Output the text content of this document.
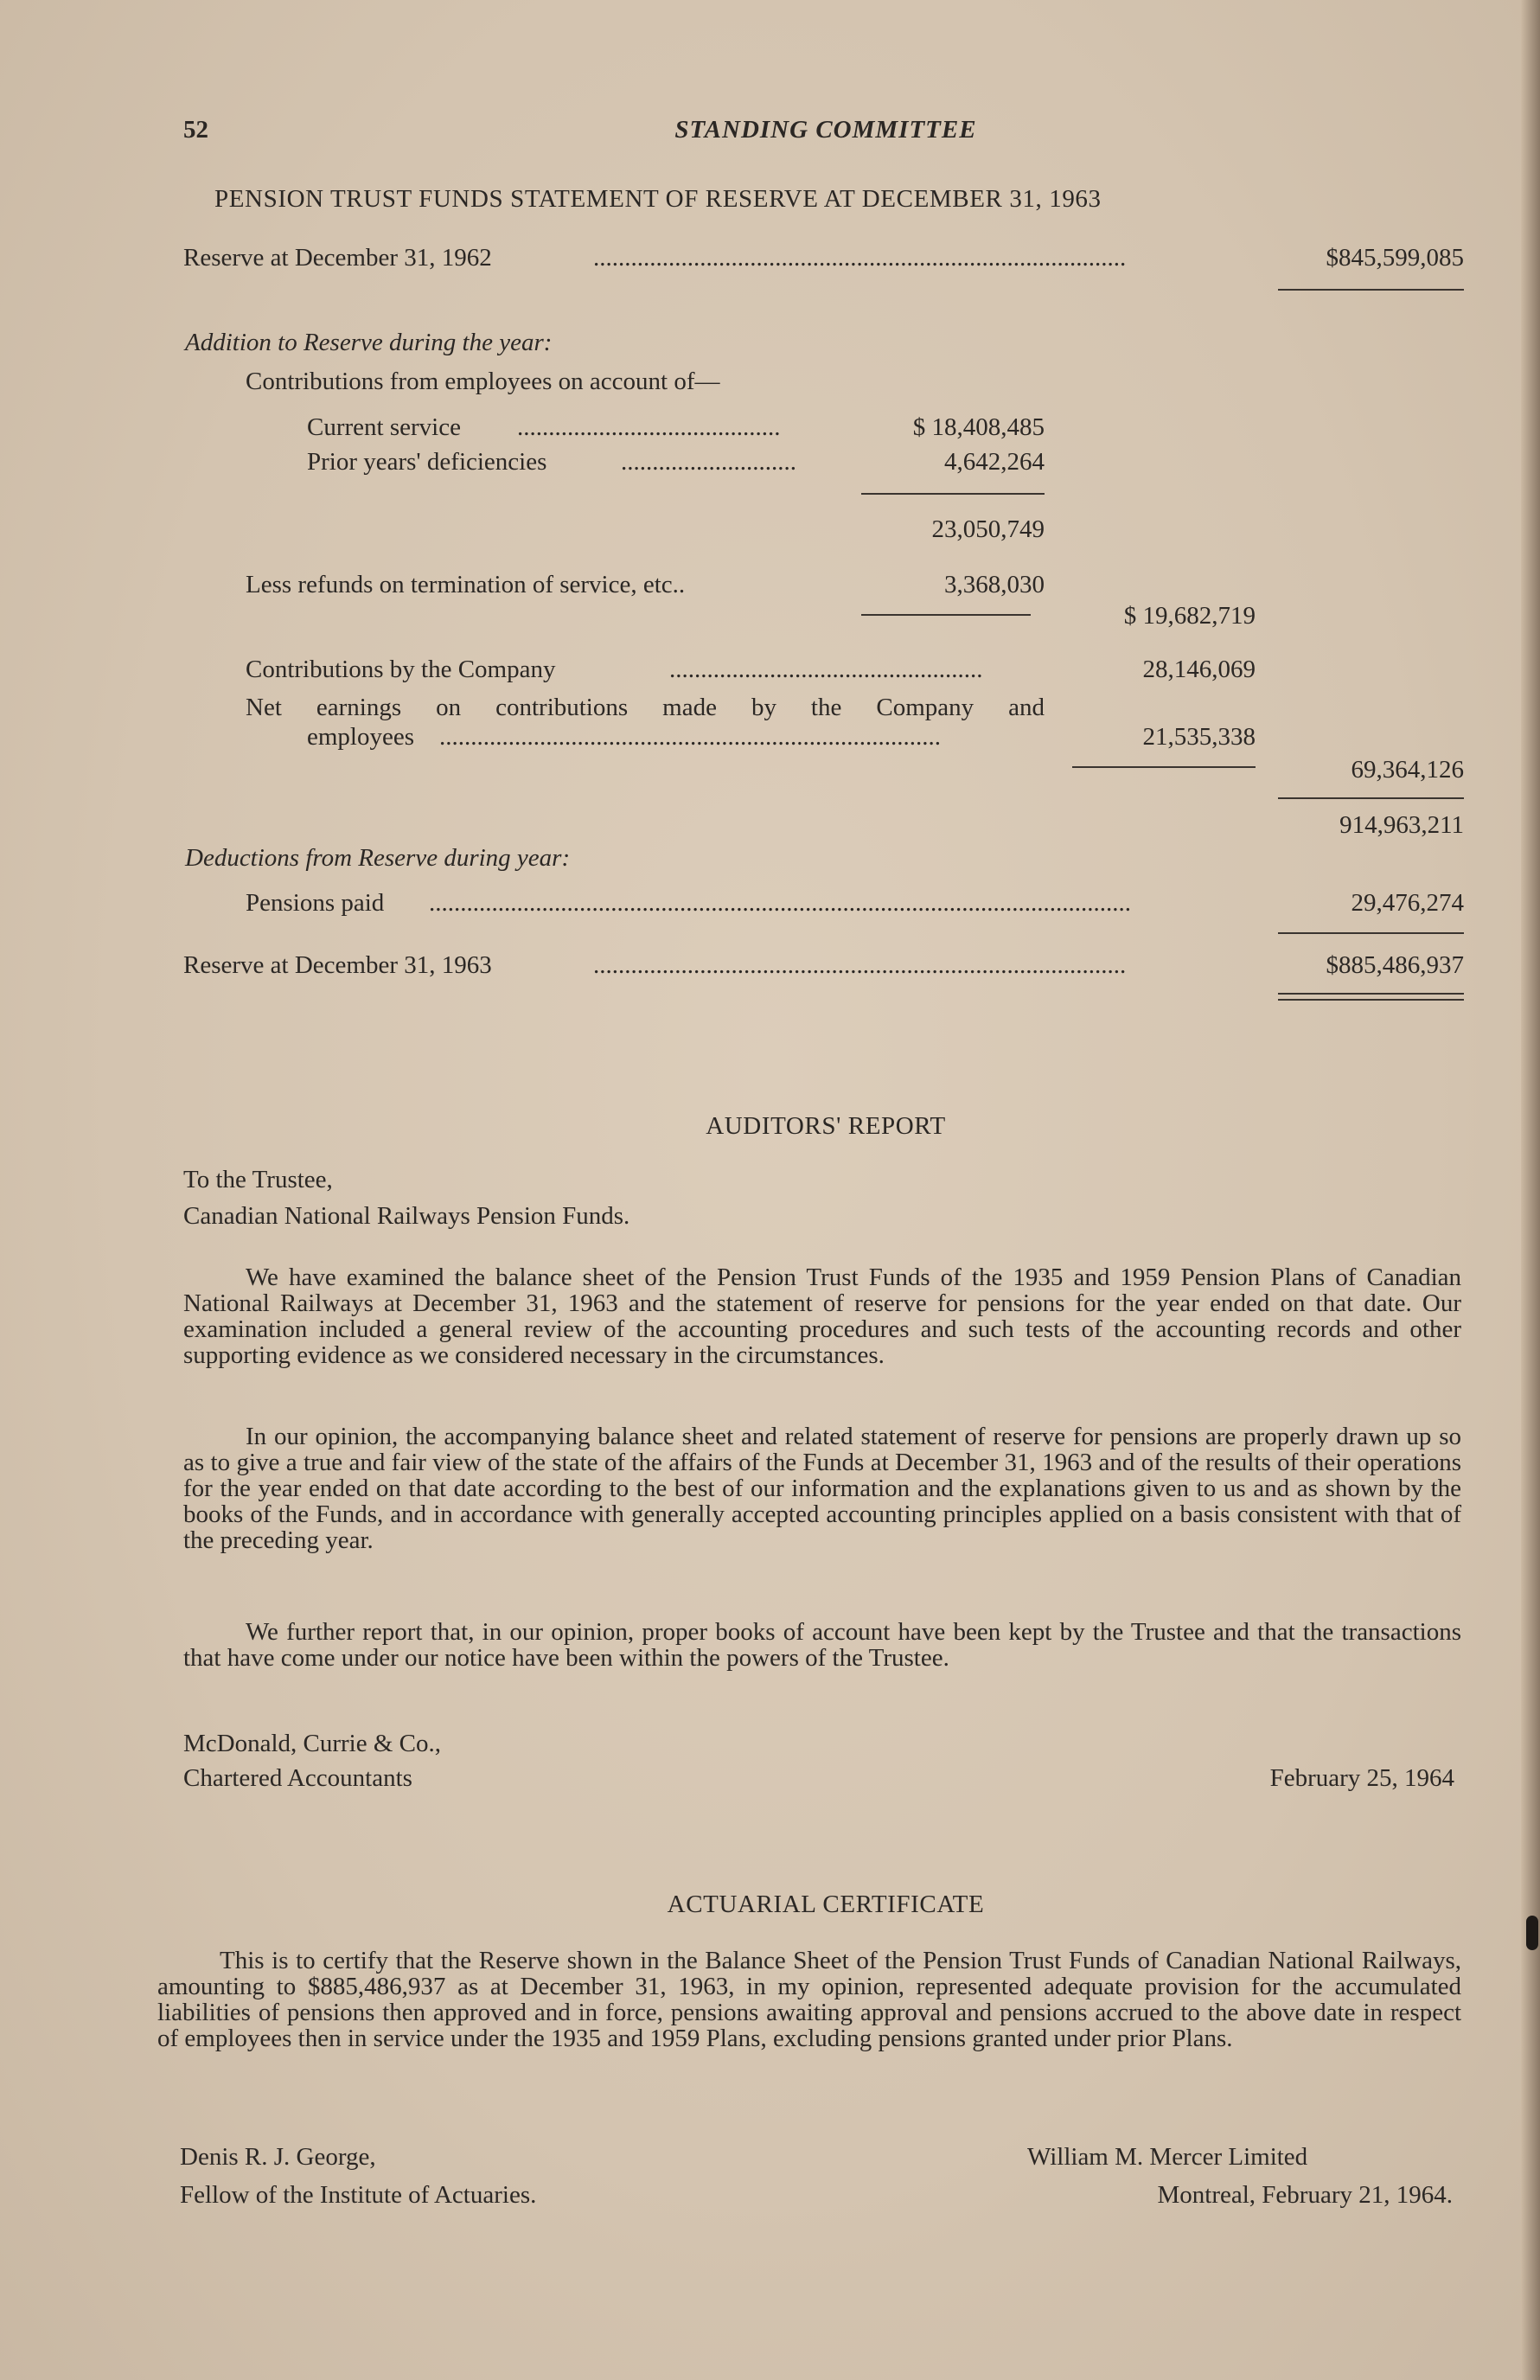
52	STANDING COMMITTEE
PENSION TRUST FUNDS STATEMENT OF RESERVE AT DECEMBER 31, 1963
Reserve at December 31, 1962	.....................................................................................	$845,599,085
Addition to Reserve during the year:
Contributions from employees on account of—
Current service ..........................................	$ 18,408,485
Prior years' deficiencies	............................	4,642,264
23,050,749
Less refunds on termination of service, etc..	3,368,030
$ 19,682,719
Contributions by the Company	..................................................	28,146,069
Net earnings on contributions made by the Company and
employees ................................................................................	21,535,338
69,364,126
914,963,211
Deductions from Reserve during year:
Pensions paid ................................................................................................................	29,476,274
Reserve at December 31, 1963	.....................................................................................	$885,486,937
AUDITORS' REPORT
To the Trustee,
Canadian National Railways Pension Funds.
We have examined the balance sheet of the Pension Trust Funds of the 1935 and 1959 Pension Plans of Canadian National Railways at December 31, 1963 and the statement of reserve for pensions for the year ended on that date. Our examination included a general review of the accounting procedures and such tests of the accounting records and other supporting evidence as we considered necessary in the circumstances.
In our opinion, the accompanying balance sheet and related statement of reserve for pensions are properly drawn up so as to give a true and fair view of the state of the affairs of the Funds at December 31, 1963 and of the results of their operations for the year ended on that date according to the best of our information and the explanations given to us and as shown by the books of the Funds, and in accordance with generally accepted accounting principles applied on a basis consistent with that of the preceding year.
We further report that, in our opinion, proper books of account have been kept by the Trustee and that the transactions that have come under our notice have been within the powers of the Trustee.
McDonald, Currie & Co.,
Chartered Accountants	February 25, 1964
ACTUARIAL CERTIFICATE
This is to certify that the Reserve shown in the Balance Sheet of the Pension Trust Funds of Canadian National Railways, amounting to $885,486,937 as at December 31, 1963, in my opinion, represented adequate provision for the accumulated liabilities of pensions then approved and in force, pensions awaiting approval and pensions accrued to the above date in respect of employees then in service under the 1935 and 1959 Plans, excluding pensions granted under prior Plans.
Denis R. J. George,
Fellow of the Institute of Actuaries.
William M. Mercer Limited
Montreal, February 21, 1964.
